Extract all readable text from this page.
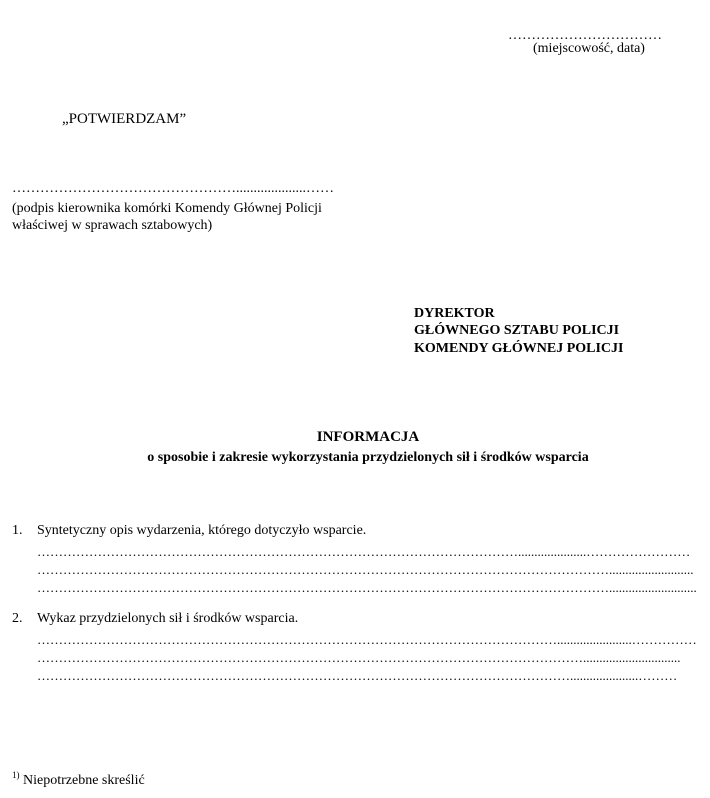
……………………………
(miejscowość, data)
„POTWIERDZAM”
…………………………………………....................……
(podpis kierownika komórki Komendy Głównej Policji
właściwej w sprawach sztabowych)
DYREKTOR
GŁÓWNEGO SZTABU POLICJI
KOMENDY GŁÓWNEJ POLICJI
INFORMACJA
o sposobie i zakresie wykorzystania przydzielonych sił i środków wsparcia
1. Syntetyczny opis wydarzenia, którego dotyczyło wsparcie.
………………………………………………………………………………………………….....................……………………
……………………………………………………………………………………………………………………..........................
……………………………………………………………………………………………………………………...........................
2. Wykaz przydzielonych sił i środków wsparcia.
………………………………………………………………………………………………………….......................……………
………………………………………………………………………………………………………………..............................
…………………………………………………………………………………………………………….....................………
$^{1)}$ Niepotrzebne skreślić
